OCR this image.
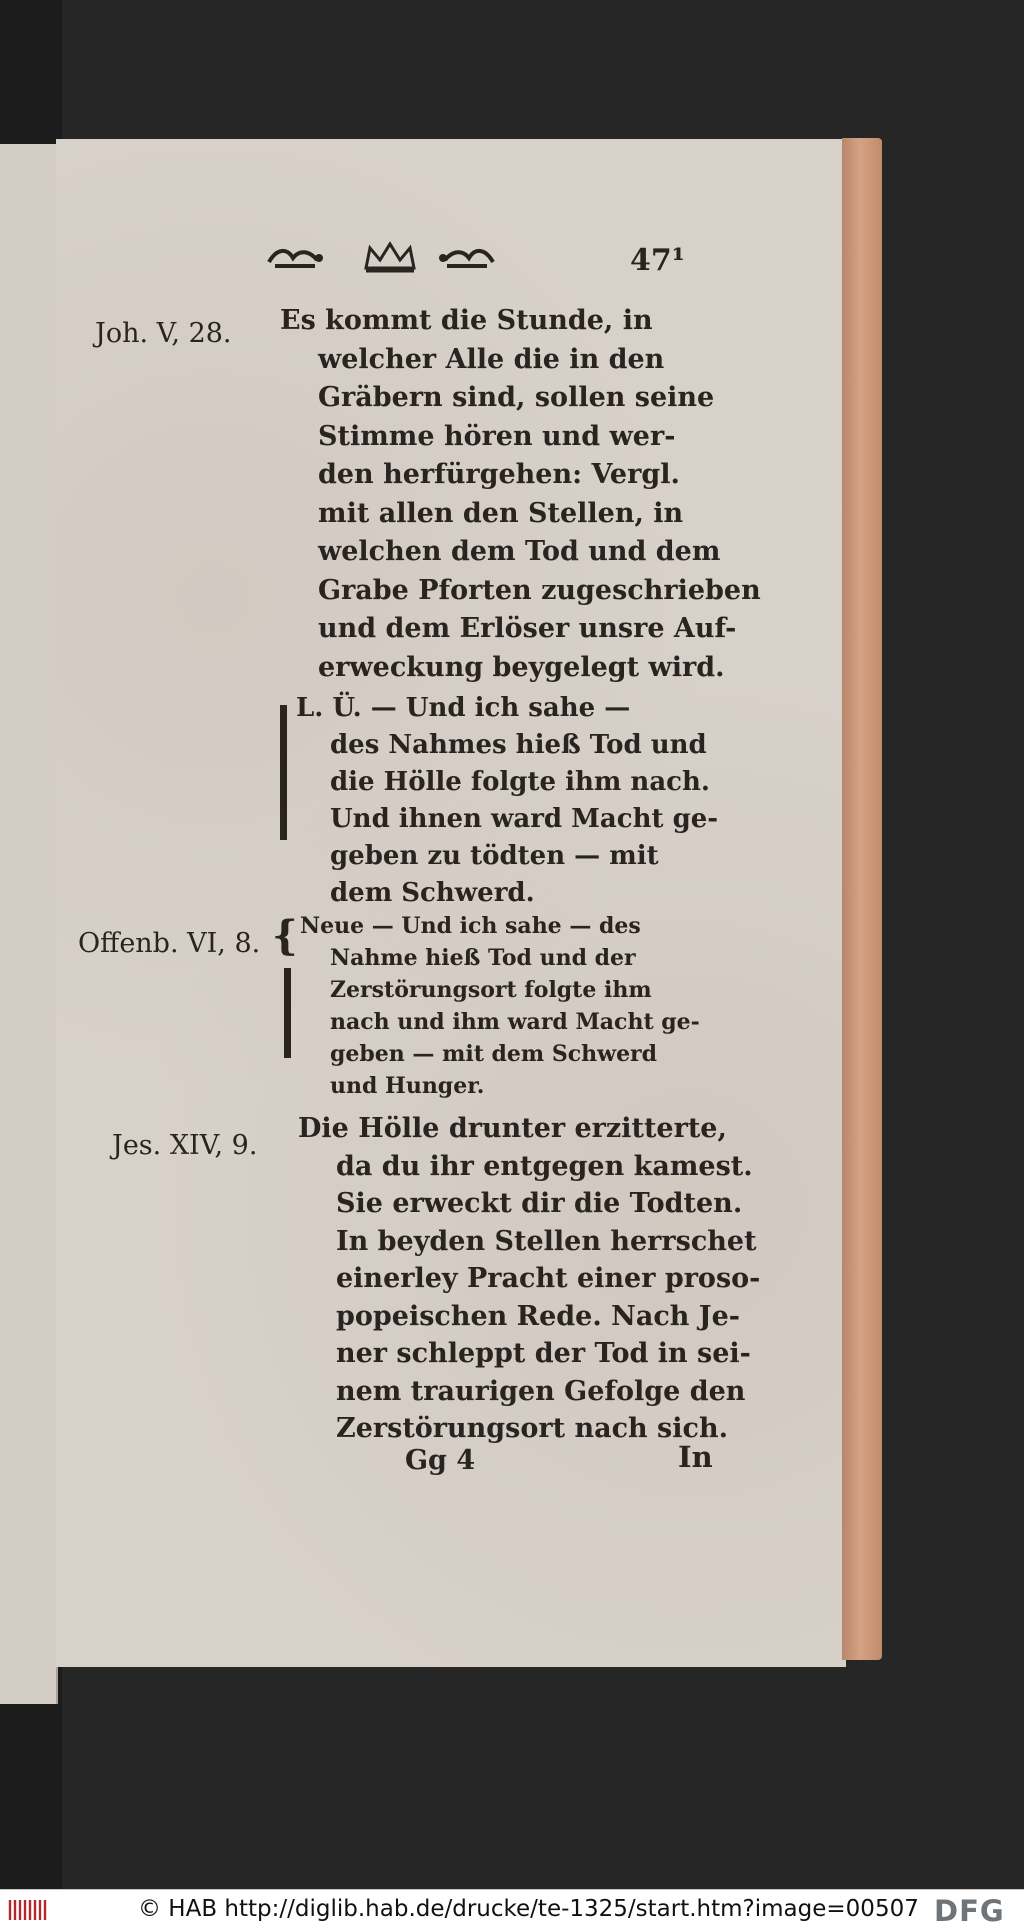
47¹
Joh. V, 28. Es kommt die Stunde, in
welcher Alle die in den
Gräbern sind, sollen seine
Stimme hören und wer-
den herfürgehen: Vergl.
mit allen den Stellen, in
welchen dem Tod und dem
Grabe Pforten zugeschrieben
und dem Erlöser unsre Auf-
erweckung beygelegt wird.
L. Ü. — Und ich sahe —
des Nahmes hieß Tod und
die Hölle folgte ihm nach.
Und ihnen ward Macht ge-
geben zu tödten — mit
dem Schwerd.
Offenb. VI, 8. { Neue — Und ich sahe — des
Nahme hieß Tod und der
Zerstörungsort folgte ihm
nach und ihm ward Macht ge-
geben — mit dem Schwerd
und Hunger.
Jes. XIV, 9.
Die Hölle drunter erzitterte,
da du ihr entgegen kamest.
Sie erweckt dir die Todten.
In beyden Stellen herrschet
einerley Pracht einer proso-
popeischen Rede. Nach Je-
ner schleppt der Tod in sei-
nem traurigen Gefolge den
Zerstörungsort nach sich.
Gg 4	In
© HAB http://diglib.hab.de/drucke/te-1325/start.htm?image=00507 DFG
